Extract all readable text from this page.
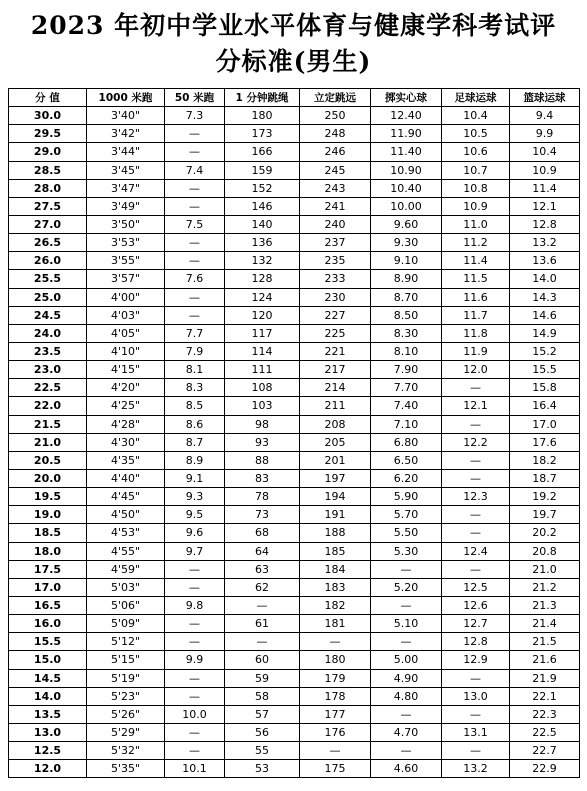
2023 年初中学业水平体育与健康学科考试评
分标准(男生)
分 值	1000 米跑	50 米跑	1 分钟跳绳	立定跳远	掷实心球	足球运球	篮球运球
30.0	3'40"	7.3	180	250	12.40	10.4	9.4
29.5	3'42"	—	173	248	11.90	10.5	9.9
29.0	3'44"	—	166	246	11.40	10.6	10.4
28.5	3'45"	7.4	159	245	10.90	10.7	10.9
28.0	3'47"	—	152	243	10.40	10.8	11.4
27.5	3'49"	—	146	241	10.00	10.9	12.1
27.0	3'50"	7.5	140	240	9.60	11.0	12.8
26.5	3'53"	—	136	237	9.30	11.2	13.2
26.0	3'55"	—	132	235	9.10	11.4	13.6
25.5	3'57"	7.6	128	233	8.90	11.5	14.0
25.0	4'00"	—	124	230	8.70	11.6	14.3
24.5	4'03"	—	120	227	8.50	11.7	14.6
24.0	4'05"	7.7	117	225	8.30	11.8	14.9
23.5	4'10"	7.9	114	221	8.10	11.9	15.2
23.0	4'15"	8.1	111	217	7.90	12.0	15.5
22.5	4'20"	8.3	108	214	7.70	—	15.8
22.0	4'25"	8.5	103	211	7.40	12.1	16.4
21.5	4'28"	8.6	98	208	7.10	—	17.0
21.0	4'30"	8.7	93	205	6.80	12.2	17.6
20.5	4'35"	8.9	88	201	6.50	—	18.2
20.0	4'40"	9.1	83	197	6.20	—	18.7
19.5	4'45"	9.3	78	194	5.90	12.3	19.2
19.0	4'50"	9.5	73	191	5.70	—	19.7
18.5	4'53"	9.6	68	188	5.50	—	20.2
18.0	4'55"	9.7	64	185	5.30	12.4	20.8
17.5	4'59"	—	63	184	—	—	21.0
17.0	5'03"	—	62	183	5.20	12.5	21.2
16.5	5'06"	9.8	—	182	—	12.6	21.3
16.0	5'09"	—	61	181	5.10	12.7	21.4
15.5	5'12"	—	—	—	—	12.8	21.5
15.0	5'15"	9.9	60	180	5.00	12.9	21.6
14.5	5'19"	—	59	179	4.90	—	21.9
14.0	5'23"	—	58	178	4.80	13.0	22.1
13.5	5'26"	10.0	57	177	—	—	22.3
13.0	5'29"	—	56	176	4.70	13.1	22.5
12.5	5'32"	—	55	—	—	—	22.7
12.0	5'35"	10.1	53	175	4.60	13.2	22.9
